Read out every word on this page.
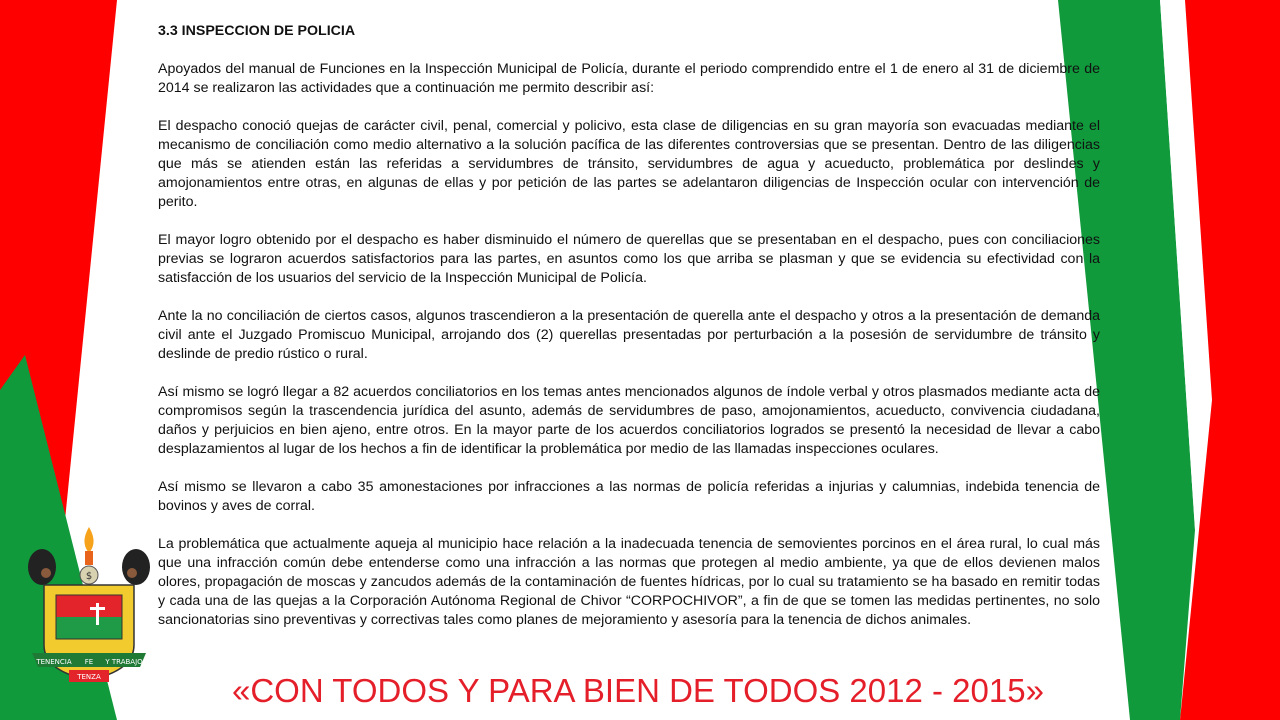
3.3 INSPECCION DE POLICIA

Apoyados del manual de Funciones en la Inspección Municipal de Policía, durante el periodo comprendido entre el 1 de enero al 31 de diciembre de 2014 se realizaron las actividades que a continuación me permito describir así:

El despacho conoció quejas de carácter civil, penal, comercial y policivo, esta clase de diligencias en su gran mayoría son evacuadas mediante el mecanismo de conciliación como medio alternativo a la solución pacífica de las diferentes controversias que se presentan. Dentro de las diligencias que más se atienden están las referidas a servidumbres de tránsito, servidumbres de agua y acueducto, problemática por deslindes y amojonamientos entre otras, en algunas de ellas y por petición de las partes se adelantaron diligencias de Inspección ocular con intervención de perito.

El mayor logro obtenido por el despacho es haber disminuido el número de querellas que se presentaban en el despacho, pues con conciliaciones previas se lograron acuerdos satisfactorios para las partes, en asuntos como los que arriba se plasman y que se evidencia su efectividad con la satisfacción de los usuarios del servicio de la Inspección Municipal de Policía.

Ante la no conciliación de ciertos casos, algunos trascendieron a la presentación de querella ante el despacho y otros a la presentación de demanda civil ante el Juzgado Promiscuo Municipal, arrojando dos (2) querellas presentadas por perturbación a la posesión de servidumbre de tránsito y deslinde de predio rústico o rural.

Así mismo se logró llegar a 82 acuerdos conciliatorios en los temas antes mencionados algunos de índole verbal y otros plasmados mediante acta de compromisos según la trascendencia jurídica del asunto, además de servidumbres de paso, amojonamientos, acueducto, convivencia ciudadana, daños y perjuicios en bien ajeno, entre otros. En la mayor parte de los acuerdos conciliatorios logrados se presentó la necesidad de llevar a cabo desplazamientos al lugar de los hechos a fin de identificar la problemática por medio de las llamadas inspecciones oculares.

Así mismo se llevaron a cabo 35 amonestaciones por infracciones a las normas de policía referidas a injurias y calumnias, indebida tenencia de bovinos y aves de corral.

La problemática que actualmente aqueja al municipio hace relación a la inadecuada tenencia de semovientes porcinos en el área rural, lo cual más que una infracción común debe entenderse como una infracción a las normas que protegen al medio ambiente, ya que de ellos devienen malos olores, propagación de moscas y zancudos además de la contaminación de fuentes hídricas, por lo cual su tratamiento se ha basado en remitir todas y cada una de las quejas a la Corporación Autónoma Regional de Chivor “CORPOCHIVOR”, a fin de que se tomen las medidas pertinentes, no solo sancionatorias sino preventivas y correctivas tales como planes de mejoramiento y asesoría para la tenencia de dichos animales.

$
TENENCIA FE Y TRABAJO
TENZA	«CON TODOS Y PARA BIEN DE TODOS 2012 - 2015»
